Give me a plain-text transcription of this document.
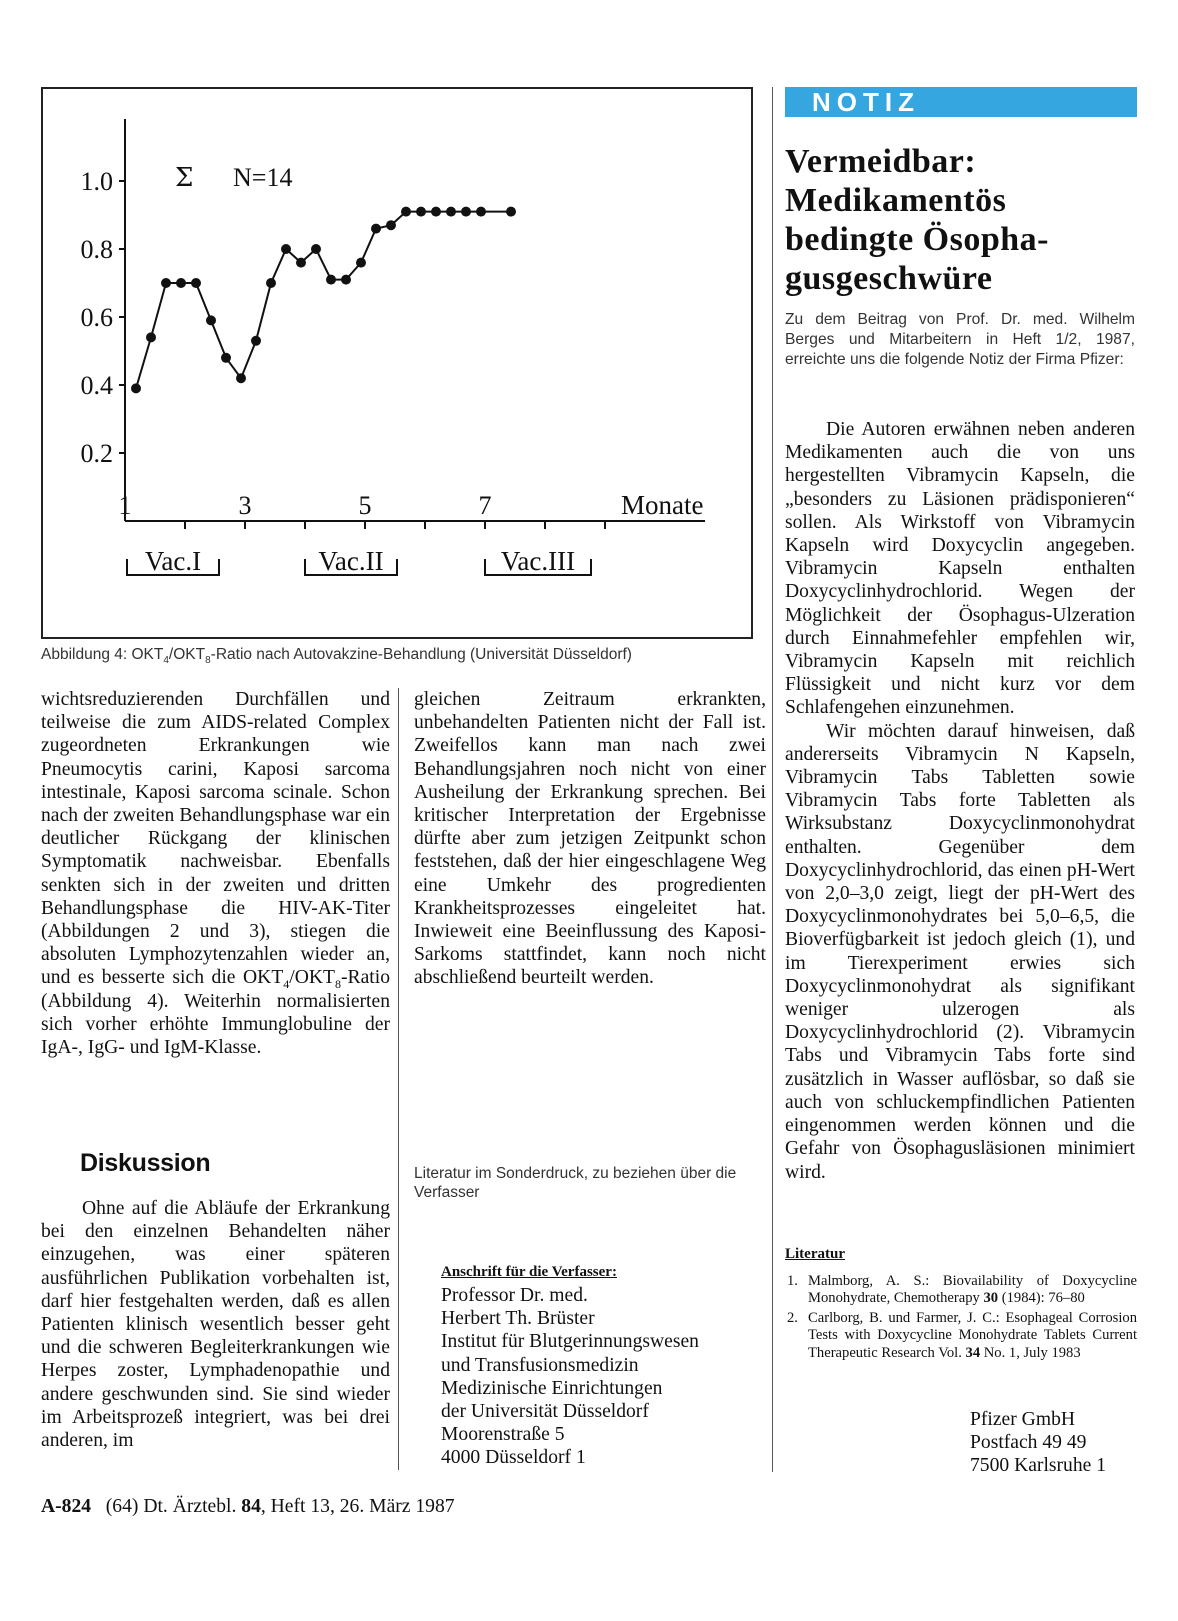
1.0
0.8
0.6
0.4
0.2
1	3	5	7	Monate
Σ N=14
Vac.I	Vac.II	Vac.III
Abbildung 4: $OKT_4/OKT_8$-Ratio nach Autovakzine-Behandlung (Universität Düsseldorf)

wichtsreduzierenden Durchfällen und teilweise die zum AIDS-related Complex zugeordneten Erkrankungen wie Pneumocytis carini, Kaposi sarcoma intestinale, Kaposi sarcoma scinale. Schon nach der zweiten Behandlungsphase war ein deutlicher Rückgang der klinischen Symptomatik nachweisbar. Ebenfalls senkten sich in der zweiten und dritten Behandlungsphase die HIV-AK-Titer (Abbildungen 2 und 3), stiegen die absoluten Lymphozytenzahlen wieder an, und es besserte sich die $OKT_4/OKT_8$-Ratio (Abbildung 4). Weiterhin normalisierten sich vorher erhöhte Immunglobuline der IgA-, IgG- und IgM-Klasse.

Diskussion
Ohne auf die Abläufe der Erkrankung bei den einzelnen Behandelten näher einzugehen, was einer späteren ausführlichen Publikation vorbehalten ist, darf hier festgehalten werden, daß es allen Patienten klinisch wesentlich besser geht und die schweren Begleiterkrankungen wie Herpes zoster, Lymphadenopathie und andere geschwunden sind. Sie sind wieder im Arbeitsprozeß integriert, was bei drei anderen, im

gleichen Zeitraum erkrankten, unbehandelten Patienten nicht der Fall ist. Zweifellos kann man nach zwei Behandlungsjahren noch nicht von einer Ausheilung der Erkrankung sprechen. Bei kritischer Interpretation der Ergebnisse dürfte aber zum jetzigen Zeitpunkt schon feststehen, daß der hier eingeschlagene Weg eine Umkehr des progredienten Krankheitsprozesses eingeleitet hat. Inwieweit eine Beeinflussung des Kaposi-Sarkoms stattfindet, kann noch nicht abschließend beurteilt werden.

Literatur im Sonderdruck, zu beziehen über die Verfasser
Anschrift für die Verfasser:
Professor Dr. med.
Herbert Th. Brüster
Institut für Blutgerinnungswesen
und Transfusionsmedizin
Medizinische Einrichtungen
der Universität Düsseldorf
Moorenstraße 5
4000 Düsseldorf 1
NOTIZ
Vermeidbar:
Medikamentös
bedingte Ösopha-
gusgeschwüre
Zu dem Beitrag von Prof. Dr. med. Wilhelm Berges und Mitarbeitern in Heft 1/2, 1987, erreichte uns die folgende Notiz der Firma Pfizer:

Die Autoren erwähnen neben anderen Medikamenten auch die von uns hergestellten Vibramycin Kapseln, die „besonders zu Läsionen prädisponieren“ sollen. Als Wirkstoff von Vibramycin Kapseln wird Doxycyclin angegeben. Vibramycin Kapseln enthalten Doxycyclinhydrochlorid. Wegen der Möglichkeit der Ösophagus-Ulzeration durch Einnahmefehler empfehlen wir, Vibramycin Kapseln mit reichlich Flüssigkeit und nicht kurz vor dem Schlafengehen einzunehmen.

Wir möchten darauf hinweisen, daß andererseits Vibramycin N Kapseln, Vibramycin Tabs Tabletten sowie Vibramycin Tabs forte Tabletten als Wirksubstanz Doxycyclinmonohydrat enthalten. Gegenüber dem Doxycyclinhydrochlorid, das einen pH-Wert von 2,0–3,0 zeigt, liegt der pH-Wert des Doxycyclinmonohydrates bei 5,0–6,5, die Bioverfügbarkeit ist jedoch gleich (1), und im Tierexperiment erwies sich Doxycyclinmonohydrat als signifikant weniger ulzerogen als Doxycyclinhydrochlorid (2). Vibramycin Tabs und Vibramycin Tabs forte sind zusätzlich in Wasser auflösbar, so daß sie auch von schluckempfindlichen Patienten eingenommen werden können und die Gefahr von Ösophagusläsionen minimiert wird.

Literatur
1. Malmborg, A. S.: Biovailability of Doxycycline Monohydrate, Chemotherapy 30 (1984): 76–80
2. Carlborg, B. und Farmer, J. C.: Esophageal Corrosion Tests with Doxycycline Monohydrate Tablets Current Therapeutic Research Vol. 34 No. 1, July 1983
Pfizer GmbH
Postfach 49 49
7500 Karlsruhe 1
A-824 (64) Dt. Ärztebl. 84, Heft 13, 26. März 1987
